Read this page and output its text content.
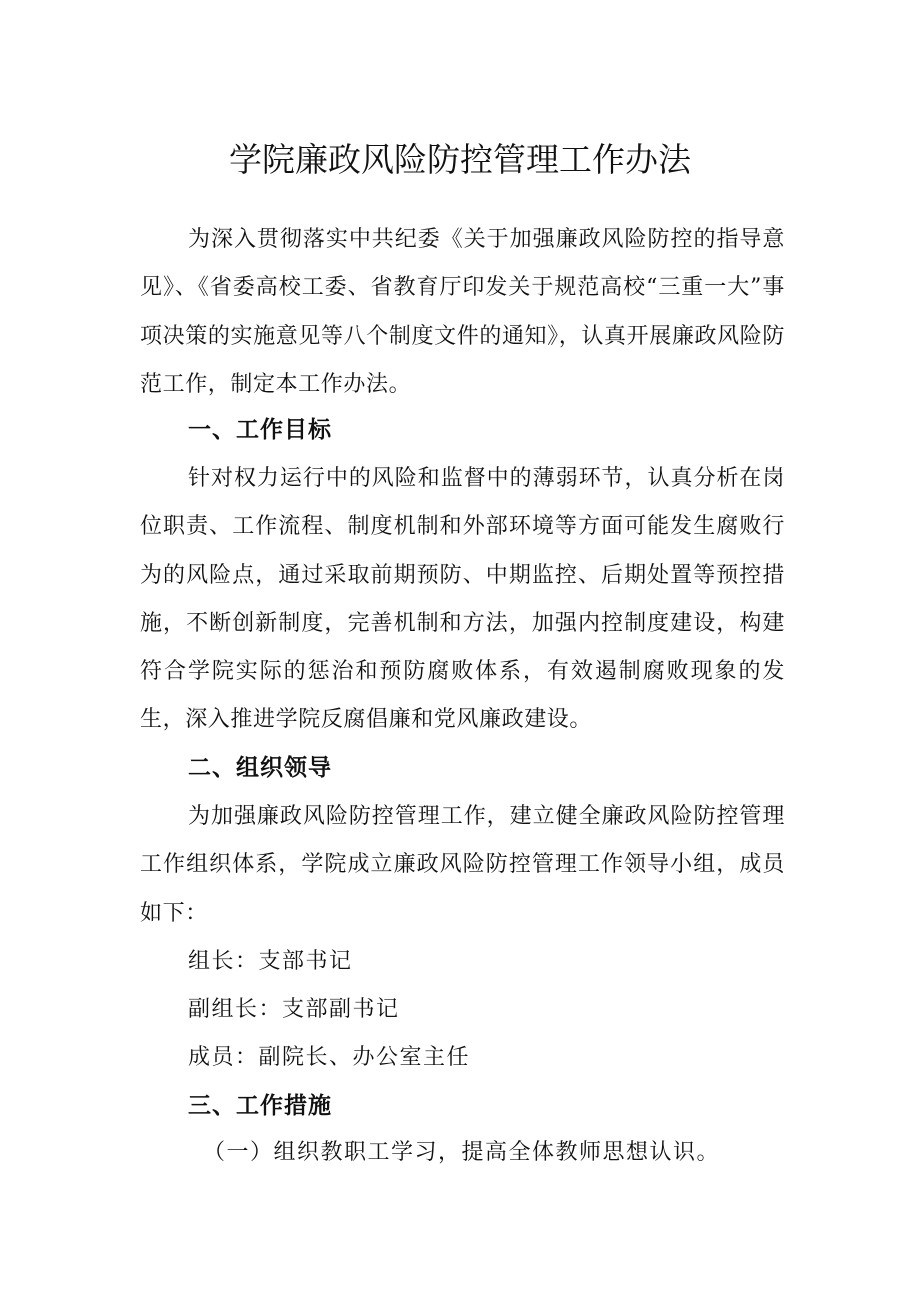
学院廉政风险防控管理工作办法

为深入贯彻落实中共纪委《关于加强廉政风险防控的指导意见》、《省委高校工委、省教育厅印发关于规范高校“三重一大”事项决策的实施意见等八个制度文件的通知》，认真开展廉政风险防范工作，制定本工作办法。

一、工作目标

针对权力运行中的风险和监督中的薄弱环节，认真分析在岗位职责、工作流程、制度机制和外部环境等方面可能发生腐败行为的风险点，通过采取前期预防、中期监控、后期处置等预控措施，不断创新制度，完善机制和方法，加强内控制度建设，构建符合学院实际的惩治和预防腐败体系，有效遏制腐败现象的发生，深入推进学院反腐倡廉和党风廉政建设。

二、组织领导

为加强廉政风险防控管理工作，建立健全廉政风险防控管理工作组织体系，学院成立廉政风险防控管理工作领导小组，成员如下：

组长：支部书记

副组长：支部副书记

成员：副院长、办公室主任

三、工作措施

（一）组织教职工学习，提高全体教师思想认识。
